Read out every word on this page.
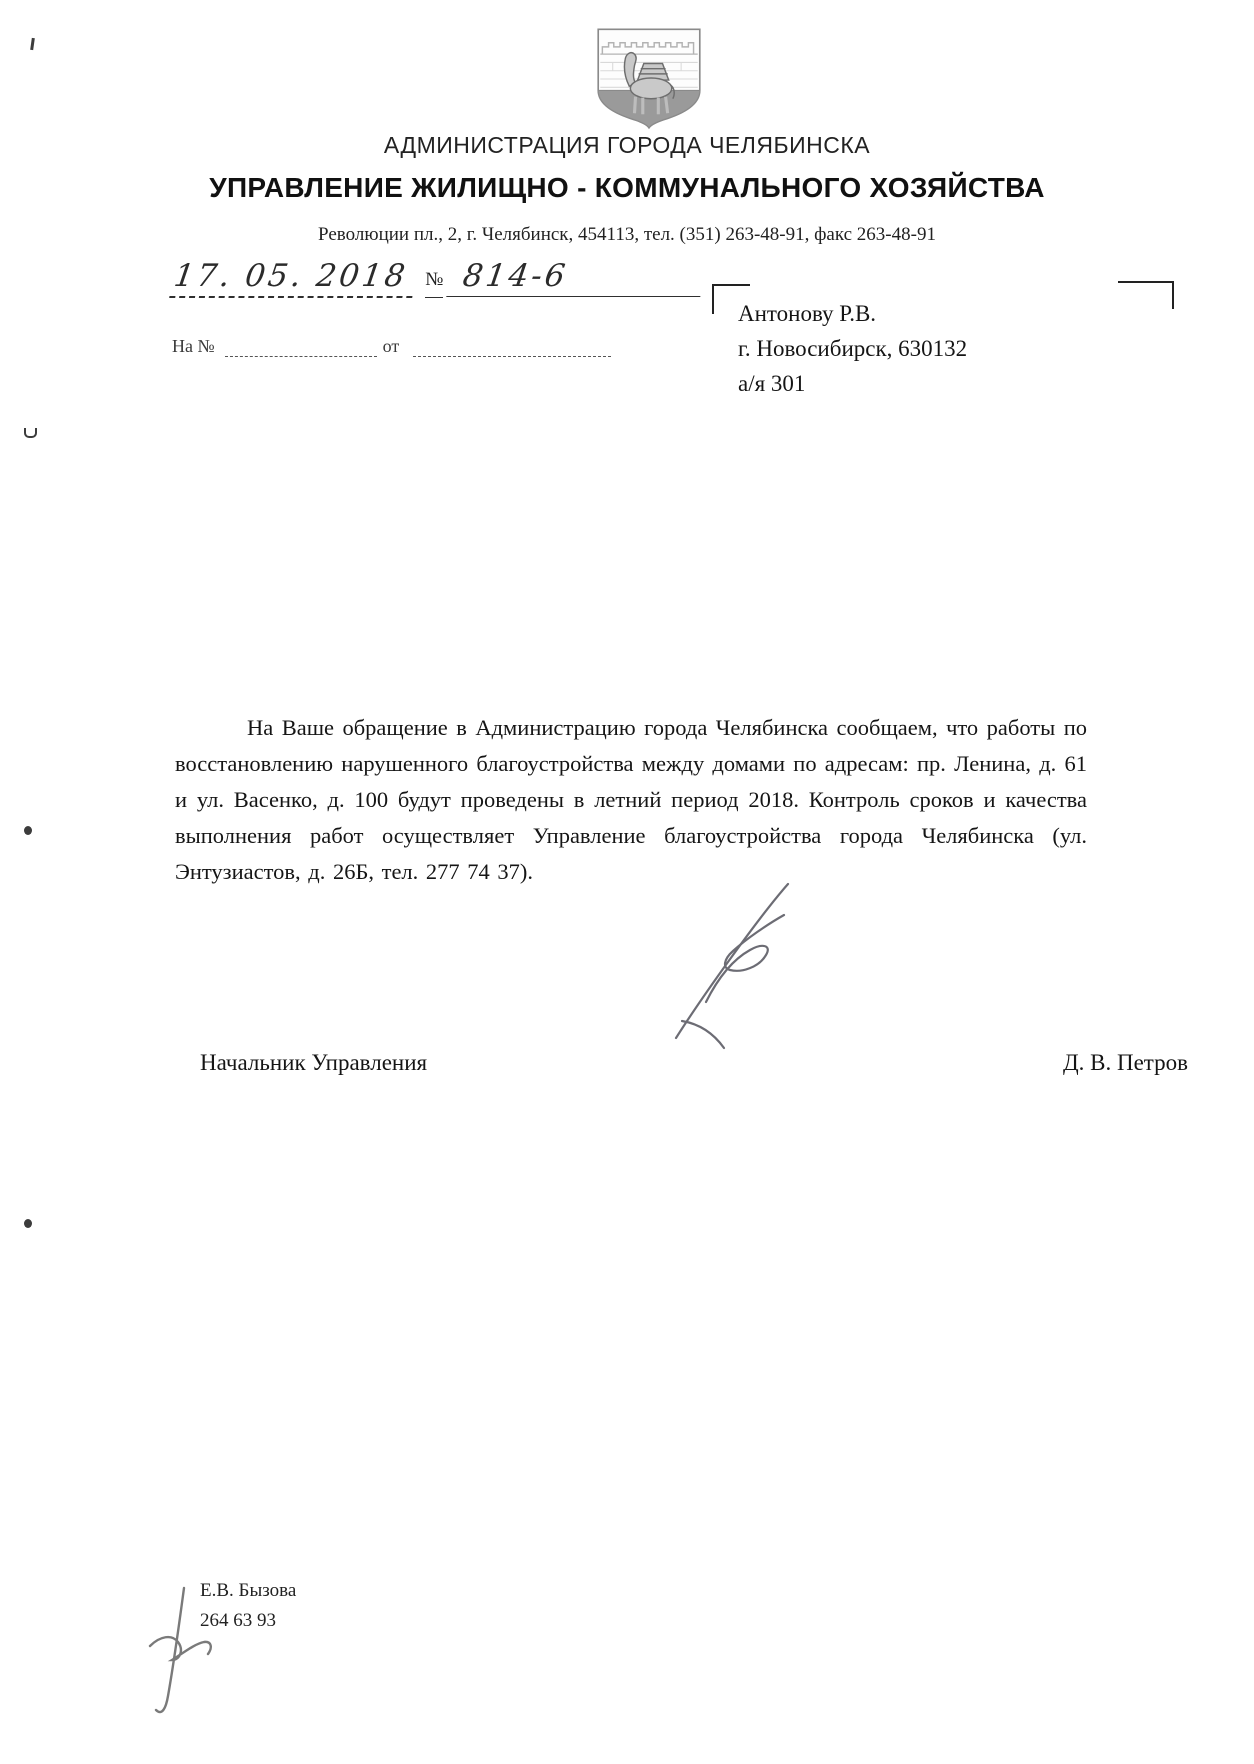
АДМИНИСТРАЦИЯ ГОРОДА ЧЕЛЯБИНСКА
УПРАВЛЕНИЕ ЖИЛИЩНО - КОММУНАЛЬНОГО ХОЗЯЙСТВА
Революции пл., 2, г. Челябинск, 454113, тел. (351) 263-48-91, факс 263-48-91
17. 05. 2018 № 814-6
На №	от
Антонову Р.В.
г. Новосибирск, 630132
а/я 301
На Ваше обращение в Администрацию города Челябинска сообщаем, что работы по восстановлению нарушенного благоустройства между домами по адресам: пр. Ленина, д. 61 и ул. Васенко, д. 100 будут проведены в летний период 2018. Контроль сроков и качества выполнения работ осуществляет Управление благоустройства города Челябинска (ул. Энтузиастов, д. 26Б, тел. 277 74 37).
Начальник Управления	Д. В. Петров
Е.В. Бызова
264 63 93
